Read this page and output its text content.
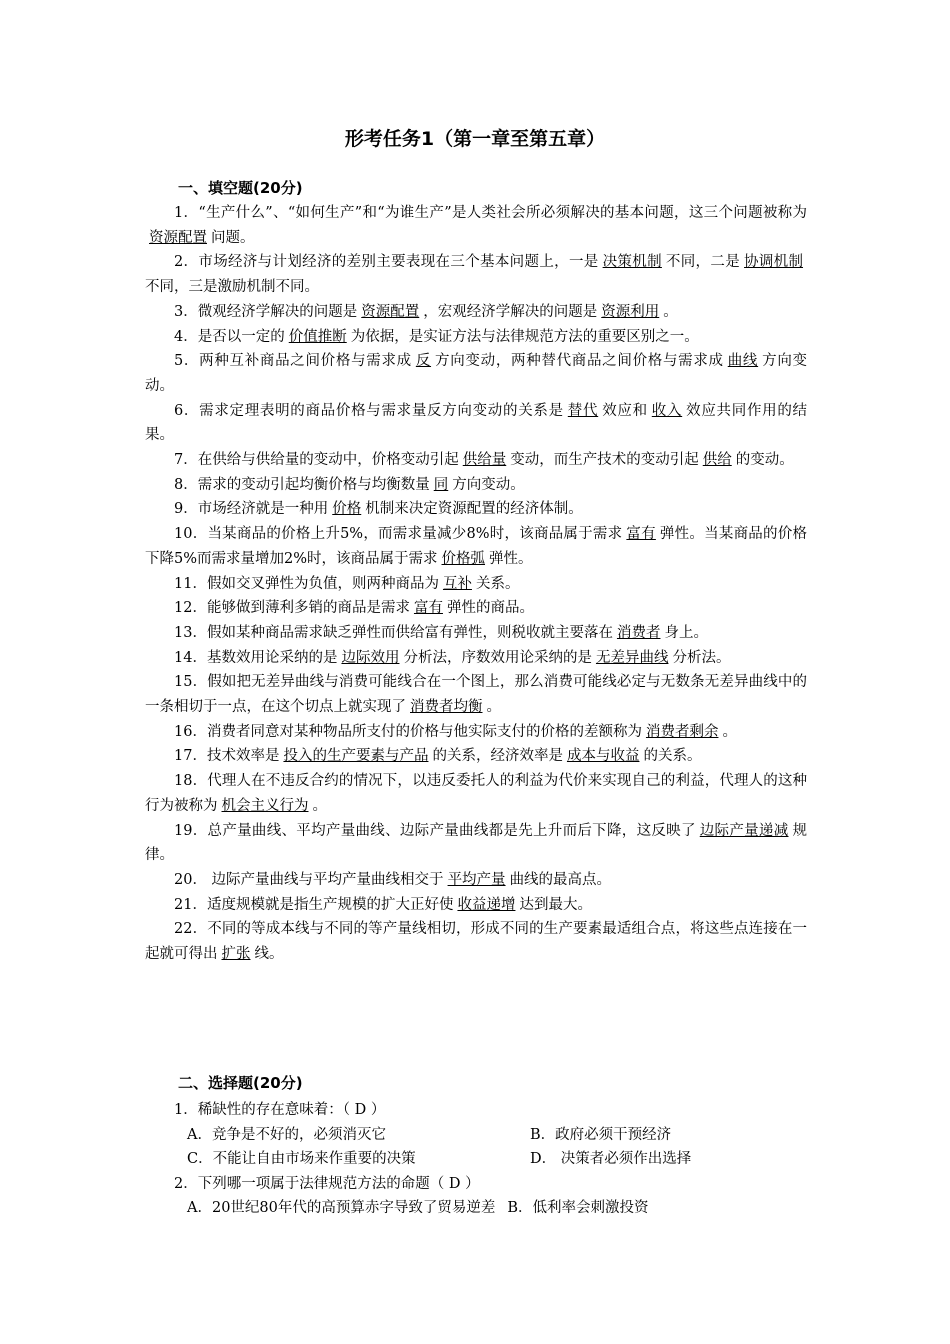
形考任务1（第一章至第五章）
一、填空题(20分)

1．“生产什么”、“如何生产”和“为谁生产”是人类社会所必须解决的基本问题，这三个问题被称为资源配置 问题。

2．市场经济与计划经济的差别主要表现在三个基本问题上，一是 决策机制 不同，二是 协调机制不同，三是激励机制不同。

3．微观经济学解决的问题是 资源配置 ，宏观经济学解决的问题是 资源利用 。

4．是否以一定的 价值推断 为依据，是实证方法与法律规范方法的重要区别之一。

5．两种互补商品之间价格与需求成 反 方向变动，两种替代商品之间价格与需求成 曲线 方向变动。

6．需求定理表明的商品价格与需求量反方向变动的关系是 替代 效应和 收入 效应共同作用的结果。

7．在供给与供给量的变动中，价格变动引起 供给量 变动，而生产技术的变动引起 供给 的变动。

8．需求的变动引起均衡价格与均衡数量 同 方向变动。

9．市场经济就是一种用 价格 机制来决定资源配置的经济体制。

10．当某商品的价格上升5%，而需求量减少8%时，该商品属于需求 富有 弹性。当某商品的价格下降5%而需求量增加2%时，该商品属于需求 价格弧 弹性。

11．假如交叉弹性为负值，则两种商品为 互补 关系。

12．能够做到薄利多销的商品是需求 富有 弹性的商品。

13．假如某种商品需求缺乏弹性而供给富有弹性，则税收就主要落在 消费者 身上。

14．基数效用论采纳的是 边际效用 分析法，序数效用论采纳的是 无差异曲线 分析法。

15．假如把无差异曲线与消费可能线合在一个图上，那么消费可能线必定与无数条无差异曲线中的一条相切于一点，在这个切点上就实现了 消费者均衡 。

16．消费者同意对某种物品所支付的价格与他实际支付的价格的差额称为 消费者剩余 。

17．技术效率是 投入的生产要素与产品 的关系，经济效率是 成本与收益 的关系。

18．代理人在不违反合约的情况下，以违反委托人的利益为代价来实现自己的利益，代理人的这种行为被称为 机会主义行为 。

19．总产量曲线、平均产量曲线、边际产量曲线都是先上升而后下降，这反映了 边际产量递减 规律。

20． 边际产量曲线与平均产量曲线相交于 平均产量 曲线的最高点。

21．适度规模就是指生产规模的扩大正好使 收益递增 达到最大。

22．不同的等成本线与不同的等产量线相切，形成不同的生产要素最适组合点，将这些点连接在一起就可得出 扩张 线。

二、选择题(20分)
1．稀缺性的存在意味着：（ D ）
A．竞争是不好的，必须消灭它	B．政府必须干预经济
C．不能让自由市场来作重要的决策	D． 决策者必须作出选择
2．下列哪一项属于法律规范方法的命题（ D ）
A．20世纪80年代的高预算赤字导致了贸易逆差 B．低利率会刺激投资
